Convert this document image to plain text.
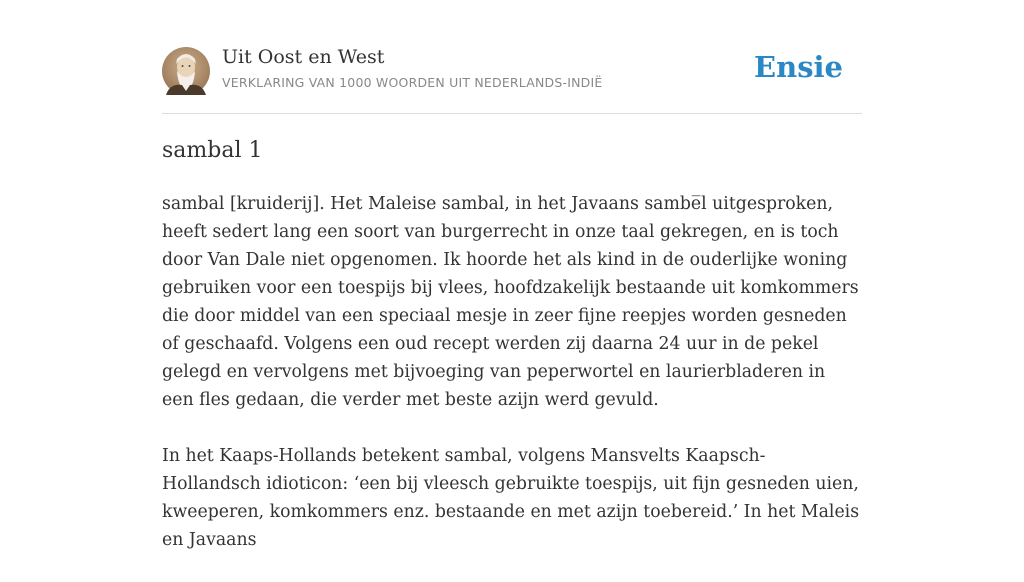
Uit Oost en West
VERKLARING VAN 1000 WOORDEN UIT NEDERLANDS-INDIË	Ensie
sambal 1

sambal [kruiderij]. Het Maleise sambal, in het Javaans sambe̅l uitgesproken, heeft sedert lang een soort van burgerrecht in onze taal gekregen, en is toch door Van Dale niet opgenomen. Ik hoorde het als kind in de ouderlijke woning gebruiken voor een toespijs bij vlees, hoofdzakelijk bestaande uit komkommers die door middel van een speciaal mesje in zeer fijne reepjes worden gesneden of geschaafd. Volgens een oud recept werden zij daarna 24 uur in de pekel gelegd en vervolgens met bijvoeging van peperwortel en laurierbladeren in een fles gedaan, die verder met beste azijn werd gevuld.

In het Kaaps-Hollands betekent sambal, volgens Mansvelts Kaapsch-Hollandsch idioticon: ‘een bij vleesch gebruikte toespijs, uit fijn gesneden uien, kweeperen, komkommers enz. bestaande en met azijn toebereid.’ In het Maleis en Javaans
